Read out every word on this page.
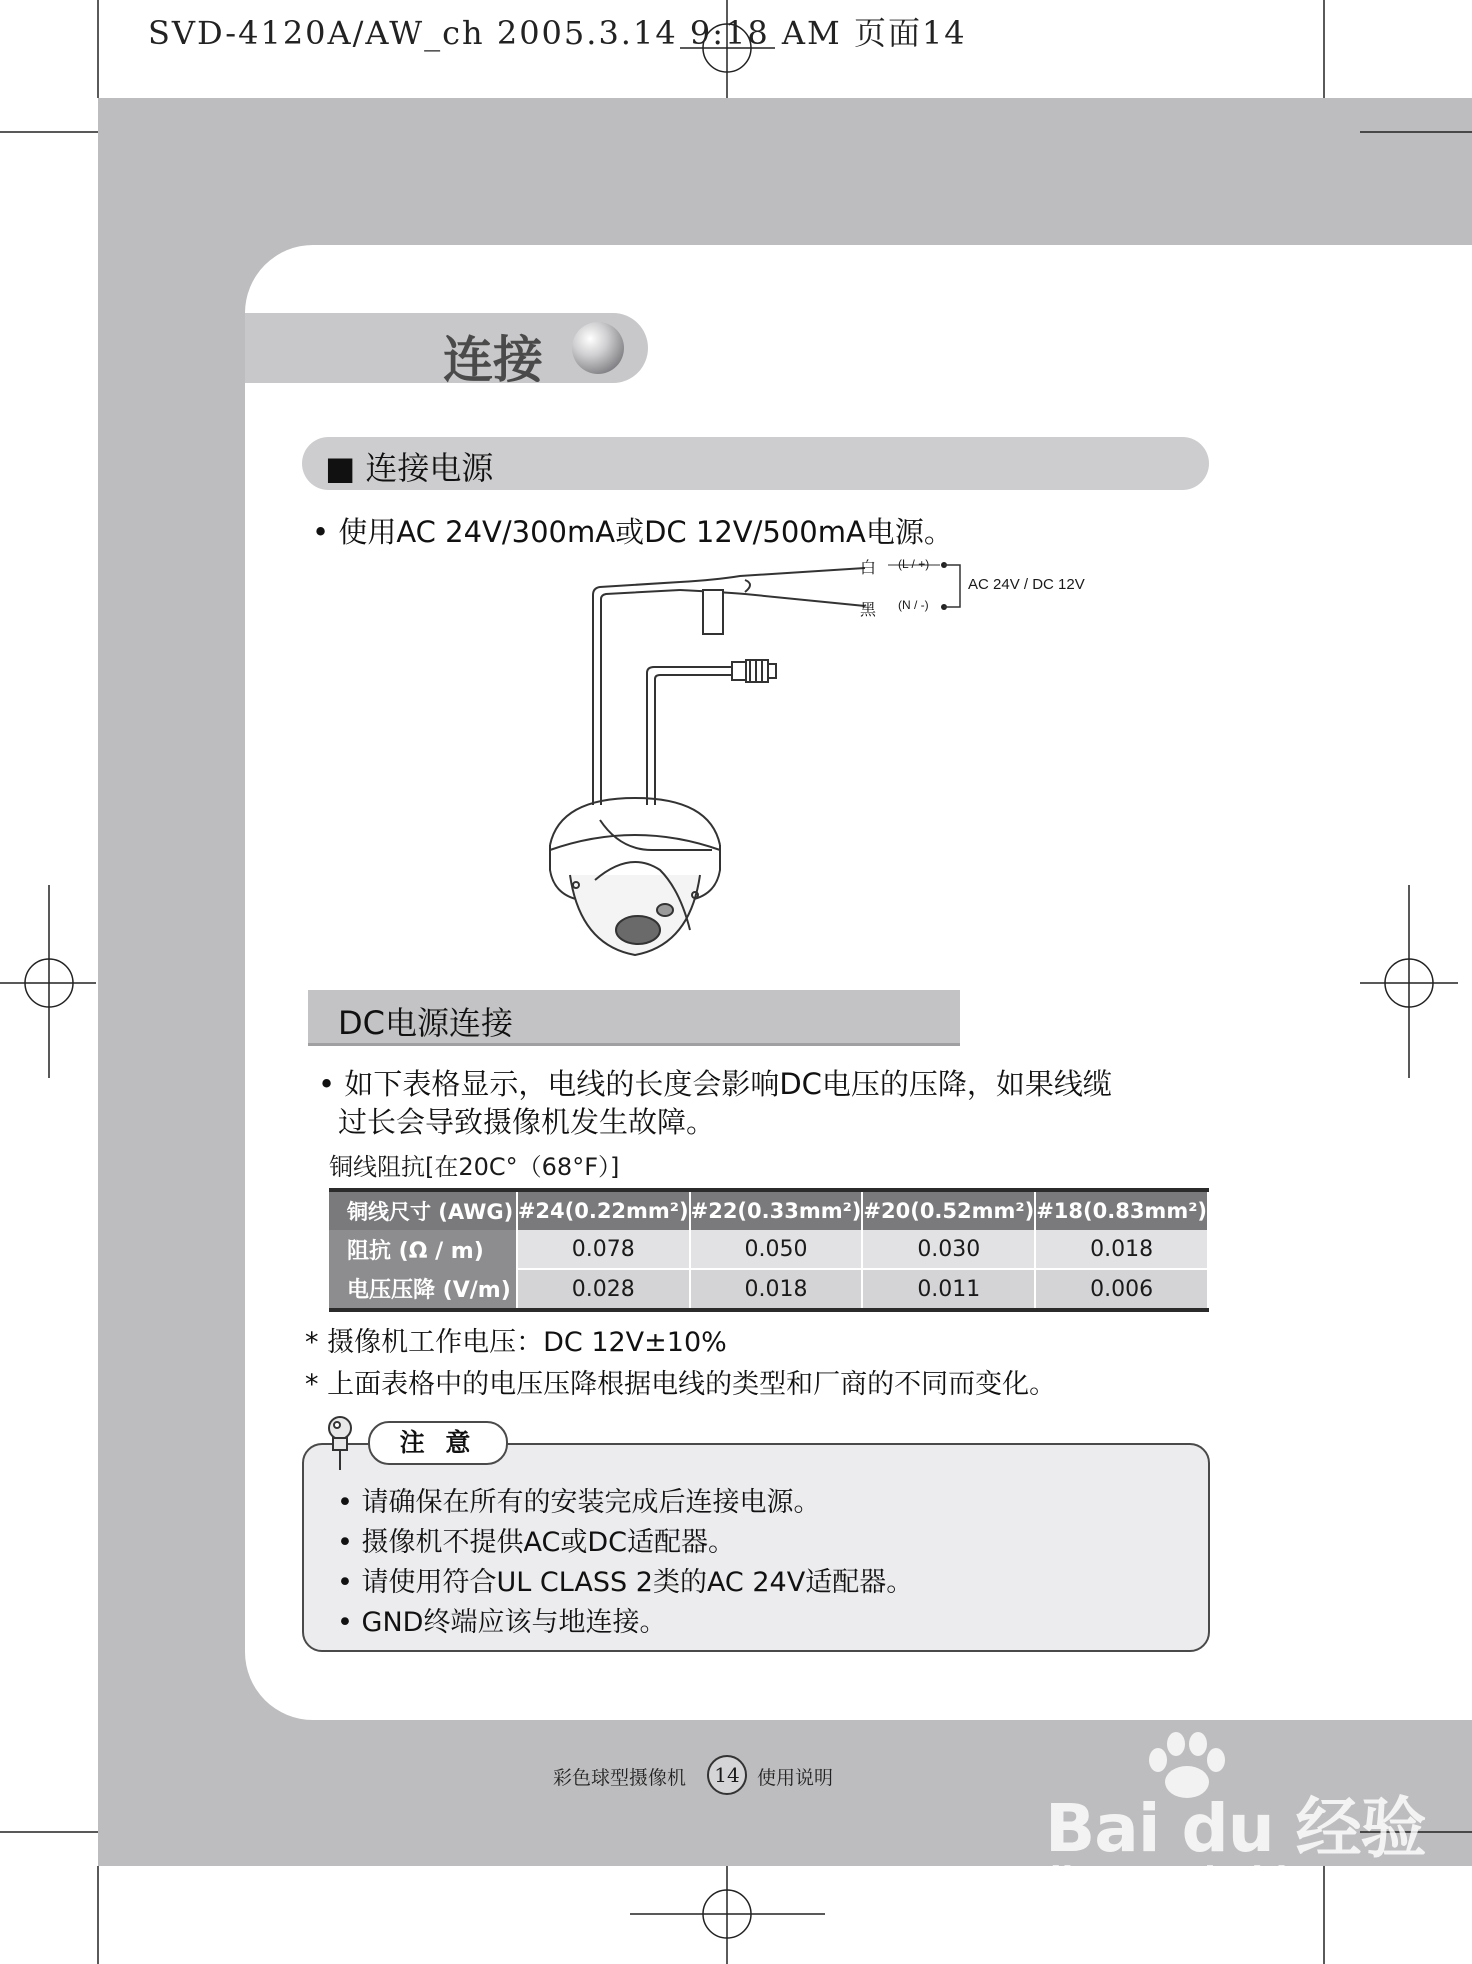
SVD-4120A/AW_ch 2005.3.14 9:18 AM 页面14
连接
■ 连接电源
• 使用AC 24V/300mA或DC 12V/500mA电源。
白
黑
(L / +)
(N / -)
AC 24V / DC 12V
DC电源连接
• 如下表格显示，电线的长度会影响DC电压的压降，如果线缆
过长会导致摄像机发生故障。
铜线阻抗[在20C°（68°F）]
铜线尺寸 (AWG)	#24(0.22mm²)	#22(0.33mm²)	#20(0.52mm²)	#18(0.83mm²)
阻抗 (Ω / m)	0.078	0.050	0.030	0.018
电压压降 (V/m)	0.028	0.018	0.011	0.006
* 摄像机工作电压：DC 12V±10%
* 上面表格中的电压压降根据电线的类型和厂商的不同而变化。
注 意
• 请确保在所有的安装完成后连接电源。
• 摄像机不提供AC或DC适配器。
• 请使用符合UL CLASS 2类的AC 24V适配器。
• GND终端应该与地连接。
彩色球型摄像机	14 使用说明
Bai du 经验
jingyan.baidu.com
